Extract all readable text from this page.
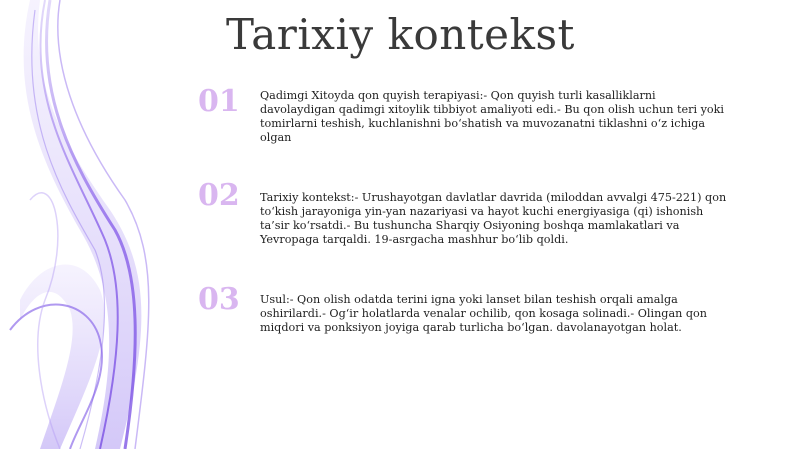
Tarixiy kontekst
01 Qadimgi Xitoyda qon quyish terapiyasi:- Qon quyish turli kasalliklarni davolaydigan qadimgi xitoylik tibbiyot amaliyoti edi.- Bu qon olish uchun teri yoki tomirlarni teshish, kuchlanishni bo‘shatish va muvozanatni tiklashni o‘z ichiga olgan
02 Tarixiy kontekst:- Urushayotgan davlatlar davrida (miloddan avvalgi 475-221) qon to‘kish jarayoniga yin-yan nazariyasi va hayot kuchi energiyasiga (qi) ishonish ta’sir ko‘rsatdi.- Bu tushuncha Sharqiy Osiyoning boshqa mamlakatlari va Yevropaga tarqaldi. 19-asrgacha mashhur bo‘lib qoldi.
03 Usul:- Qon olish odatda terini igna yoki lanset bilan teshish orqali amalga oshirilardi.- Og‘ir holatlarda venalar ochilib, qon kosaga solinadi.- Olingan qon miqdori va ponksiyon joyiga qarab turlicha bo‘lgan. davolanayotgan holat.
